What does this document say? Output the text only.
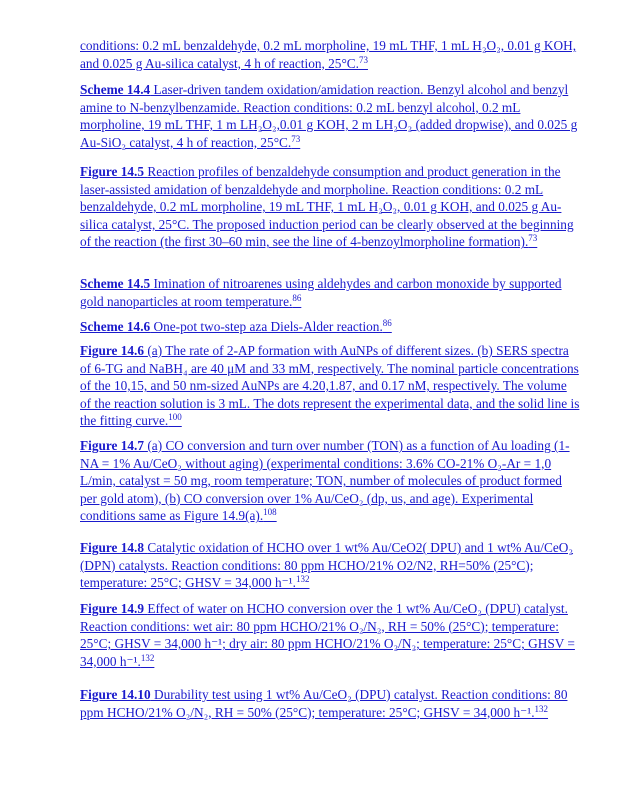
conditions: 0.2 mL benzaldehyde, 0.2 mL morpholine, 19 mL THF, 1 mL H₂O₂, 0.01 g KOH, and 0.025 g Au-silica catalyst, 4 h of reaction, 25°C.$^{73}$
Scheme 14.4 Laser-driven tandem oxidation/amidation reaction. Benzyl alcohol and benzyl amine to N-benzylbenzamide. Reaction conditions: 0.2 mL benzyl alcohol, 0.2 mL morpholine, 19 mL THF, 1 m LH₂O₂,0.01 g KOH, 2 m LH₂O₂ (added dropwise), and 0.025 g Au-SiO₂ catalyst, 4 h of reaction, 25°C.$^{73}$
Figure 14.5 Reaction profiles of benzaldehyde consumption and product generation in the laser-assisted amidation of benzaldehyde and morpholine. Reaction conditions: 0.2 mL benzaldehyde, 0.2 mL morpholine, 19 mL THF, 1 mL H₂O₂, 0.01 g KOH, and 0.025 g Au-silica catalyst, 25°C. The proposed induction period can be clearly observed at the beginning of the reaction (the first 30–60 min, see the line of 4-benzoylmorpholine formation).$^{73}$
Scheme 14.5 Imination of nitroarenes using aldehydes and carbon monoxide by supported gold nanoparticles at room temperature.$^{86}$
Scheme 14.6 One-pot two-step aza Diels-Alder reaction.$^{86}$
Figure 14.6 (a) The rate of 2-AP formation with AuNPs of different sizes. (b) SERS spectra of 6-TG and NaBH₄ are 40 μM and 33 mM, respectively. The nominal particle concentrations of the 10,15, and 50 nm-sized AuNPs are 4.20,1.87, and 0.17 nM, respectively. The volume of the reaction solution is 3 mL. The dots represent the experimental data, and the solid line is the fitting curve.$^{100}$
Figure 14.7 (a) CO conversion and turn over number (TON) as a function of Au loading (1-NA = 1% Au/CeO₂ without aging) (experimental conditions: 3.6% CO-21% O₂-Ar = 1,0 L/min, catalyst = 50 mg, room temperature; TON, number of molecules of product formed per gold atom), (b) CO conversion over 1% Au/CeO₂ (dp, us, and age). Experimental conditions same as Figure 14.9(a).$^{108}$
Figure 14.8 Catalytic oxidation of HCHO over 1 wt% Au/CeO2( DPU) and 1 wt% Au/CeO₂ (DPN) catalysts. Reaction conditions: 80 ppm HCHO/21% O2/N2, RH=50% (25°C); temperature: 25°C; GHSV = 34,000 h⁻¹.$^{132}$
Figure 14.9 Effect of water on HCHO conversion over the 1 wt% Au/CeO₂ (DPU) catalyst. Reaction conditions: wet air: 80 ppm HCHO/21% O₂/N₂, RH = 50% (25°C); temperature: 25°C; GHSV = 34,000 h⁻¹; dry air: 80 ppm HCHO/21% O₂/N₂; temperature: 25°C; GHSV = 34,000 h⁻¹.$^{132}$
Figure 14.10 Durability test using 1 wt% Au/CeO₂ (DPU) catalyst. Reaction conditions: 80 ppm HCHO/21% O₂/N₂, RH = 50% (25°C); temperature: 25°C; GHSV = 34,000 h⁻¹.$^{132}$
